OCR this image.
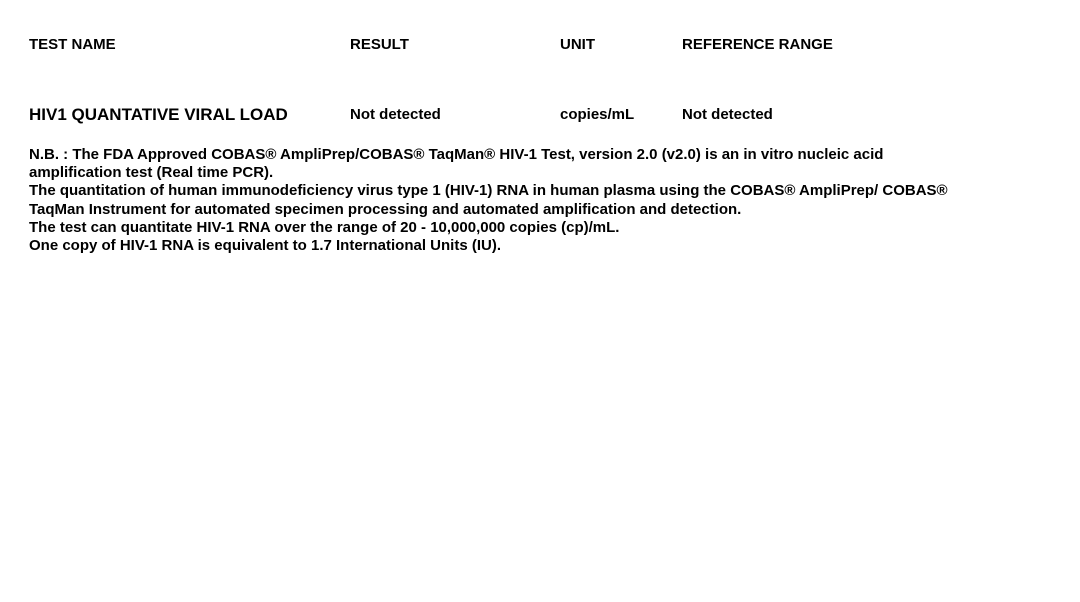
TEST NAME	RESULT	UNIT	REFERENCE RANGE
HIV1 QUANTATIVE VIRAL LOAD	Not detected	copies/mL	Not detected
N.B. : The FDA Approved COBAS® AmpliPrep/COBAS® TaqMan® HIV-1 Test, version 2.0 (v2.0) is an in vitro nucleic acid
amplification test (Real time PCR).
The quantitation of human immunodeficiency virus type 1 (HIV-1) RNA in human plasma using the COBAS® AmpliPrep/ COBAS®
TaqMan Instrument for automated specimen processing and automated amplification and detection.
The test can quantitate HIV-1 RNA over the range of 20 - 10,000,000 copies (cp)/mL.
One copy of HIV-1 RNA is equivalent to 1.7 International Units (IU).
